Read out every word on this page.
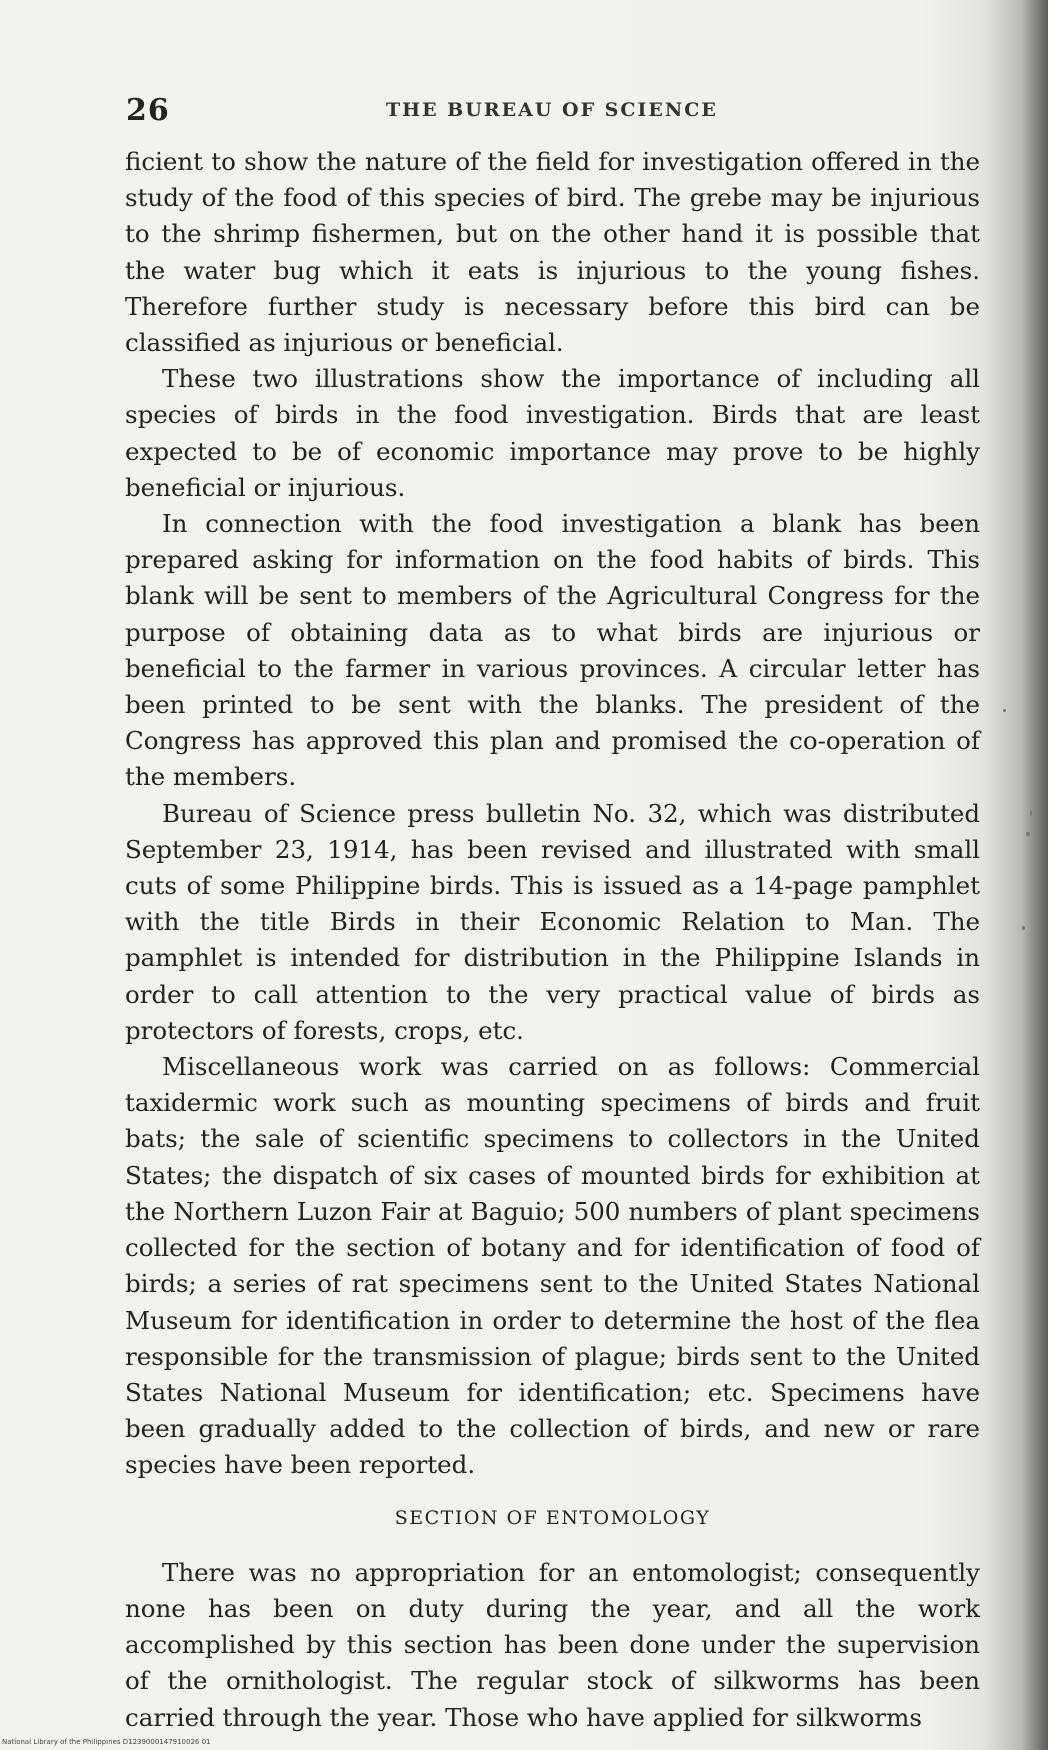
26	THE BUREAU OF SCIENCE

ficient to show the nature of the field for investigation offered in the study of the food of this species of bird. The grebe may be injurious to the shrimp fishermen, but on the other hand it is possible that the water bug which it eats is injurious to the young fishes. Therefore further study is necessary before this bird can be classified as injurious or beneficial.

These two illustrations show the importance of including all species of birds in the food investigation. Birds that are least expected to be of economic importance may prove to be highly beneficial or injurious.

In connection with the food investigation a blank has been prepared asking for information on the food habits of birds. This blank will be sent to members of the Agricultural Congress for the purpose of obtaining data as to what birds are injurious or beneficial to the farmer in various provinces. A circular letter has been printed to be sent with the blanks. The president of the Congress has approved this plan and promised the co-operation of the members.

Bureau of Science press bulletin No. 32, which was distributed September 23, 1914, has been revised and illustrated with small cuts of some Philippine birds. This is issued as a 14-page pamphlet with the title Birds in their Economic Relation to Man. The pamphlet is intended for distribution in the Philippine Islands in order to call attention to the very practical value of birds as protectors of forests, crops, etc.

Miscellaneous work was carried on as follows: Commercial taxidermic work such as mounting specimens of birds and fruit bats; the sale of scientific specimens to collectors in the United States; the dispatch of six cases of mounted birds for exhibition at the Northern Luzon Fair at Baguio; 500 numbers of plant specimens collected for the section of botany and for identification of food of birds; a series of rat specimens sent to the United States National Museum for identification in order to determine the host of the flea responsible for the transmission of plague; birds sent to the United States National Museum for identification; etc. Specimens have been gradually added to the collection of birds, and new or rare species have been reported.

SECTION OF ENTOMOLOGY

There was no appropriation for an entomologist; consequently none has been on duty during the year, and all the work accomplished by this section has been done under the supervision of the ornithologist. The regular stock of silkworms has been carried through the year. Those who have applied for silkworms

National Library of the Philippines D1239000147910026 01
